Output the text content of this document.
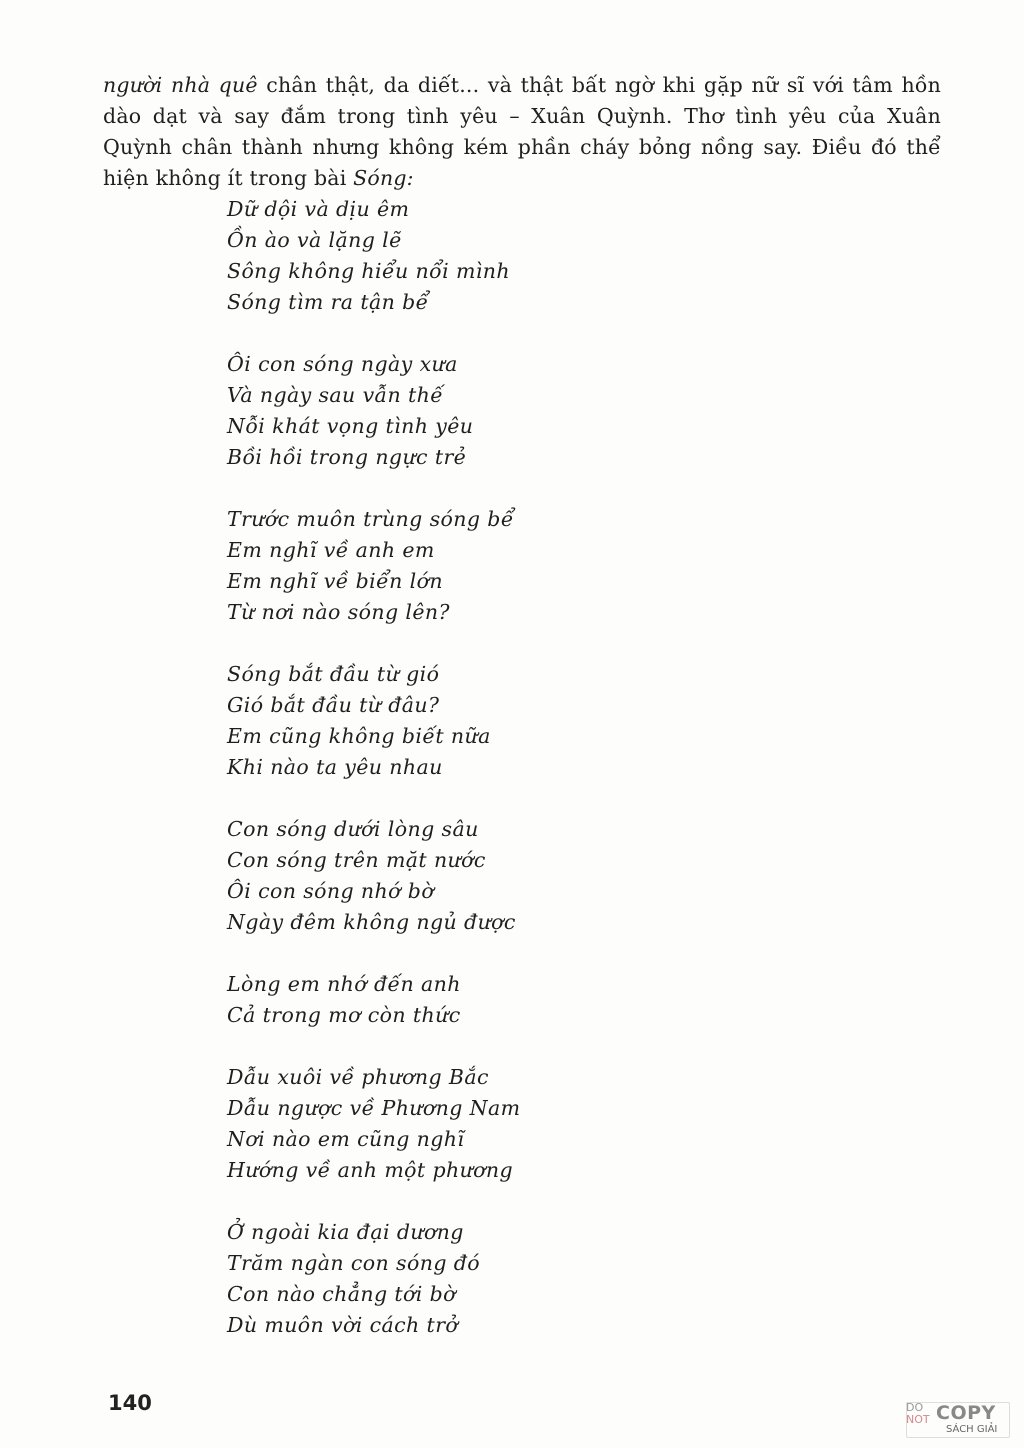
người nhà quê chân thật, da diết... và thật bất ngờ khi gặp nữ sĩ với tâm hồn dào dạt và say đắm trong tình yêu – Xuân Quỳnh. Thơ tình yêu của Xuân Quỳnh chân thành nhưng không kém phần cháy bỏng nồng say. Điều đó thể hiện không ít trong bài Sóng:

Dữ dội và dịu êm
Ồn ào và lặng lẽ
Sông không hiểu nổi mình
Sóng tìm ra tận bể
Ôi con sóng ngày xưa
Và ngày sau vẫn thế
Nỗi khát vọng tình yêu
Bồi hồi trong ngực trẻ
Trước muôn trùng sóng bể
Em nghĩ về anh em
Em nghĩ về biển lớn
Từ nơi nào sóng lên?
Sóng bắt đầu từ gió
Gió bắt đầu từ đâu?
Em cũng không biết nữa
Khi nào ta yêu nhau
Con sóng dưới lòng sâu
Con sóng trên mặt nước
Ôi con sóng nhớ bờ
Ngày đêm không ngủ được
Lòng em nhớ đến anh
Cả trong mơ còn thức
Dẫu xuôi về phương Bắc
Dẫu ngược về Phương Nam
Nơi nào em cũng nghĩ
Hướng về anh một phương
Ở ngoài kia đại dương
Trăm ngàn con sóng đó
Con nào chẳng tới bờ
Dù muôn vời cách trở
140	DO
NOT COPY
SÁCH GIẢI
